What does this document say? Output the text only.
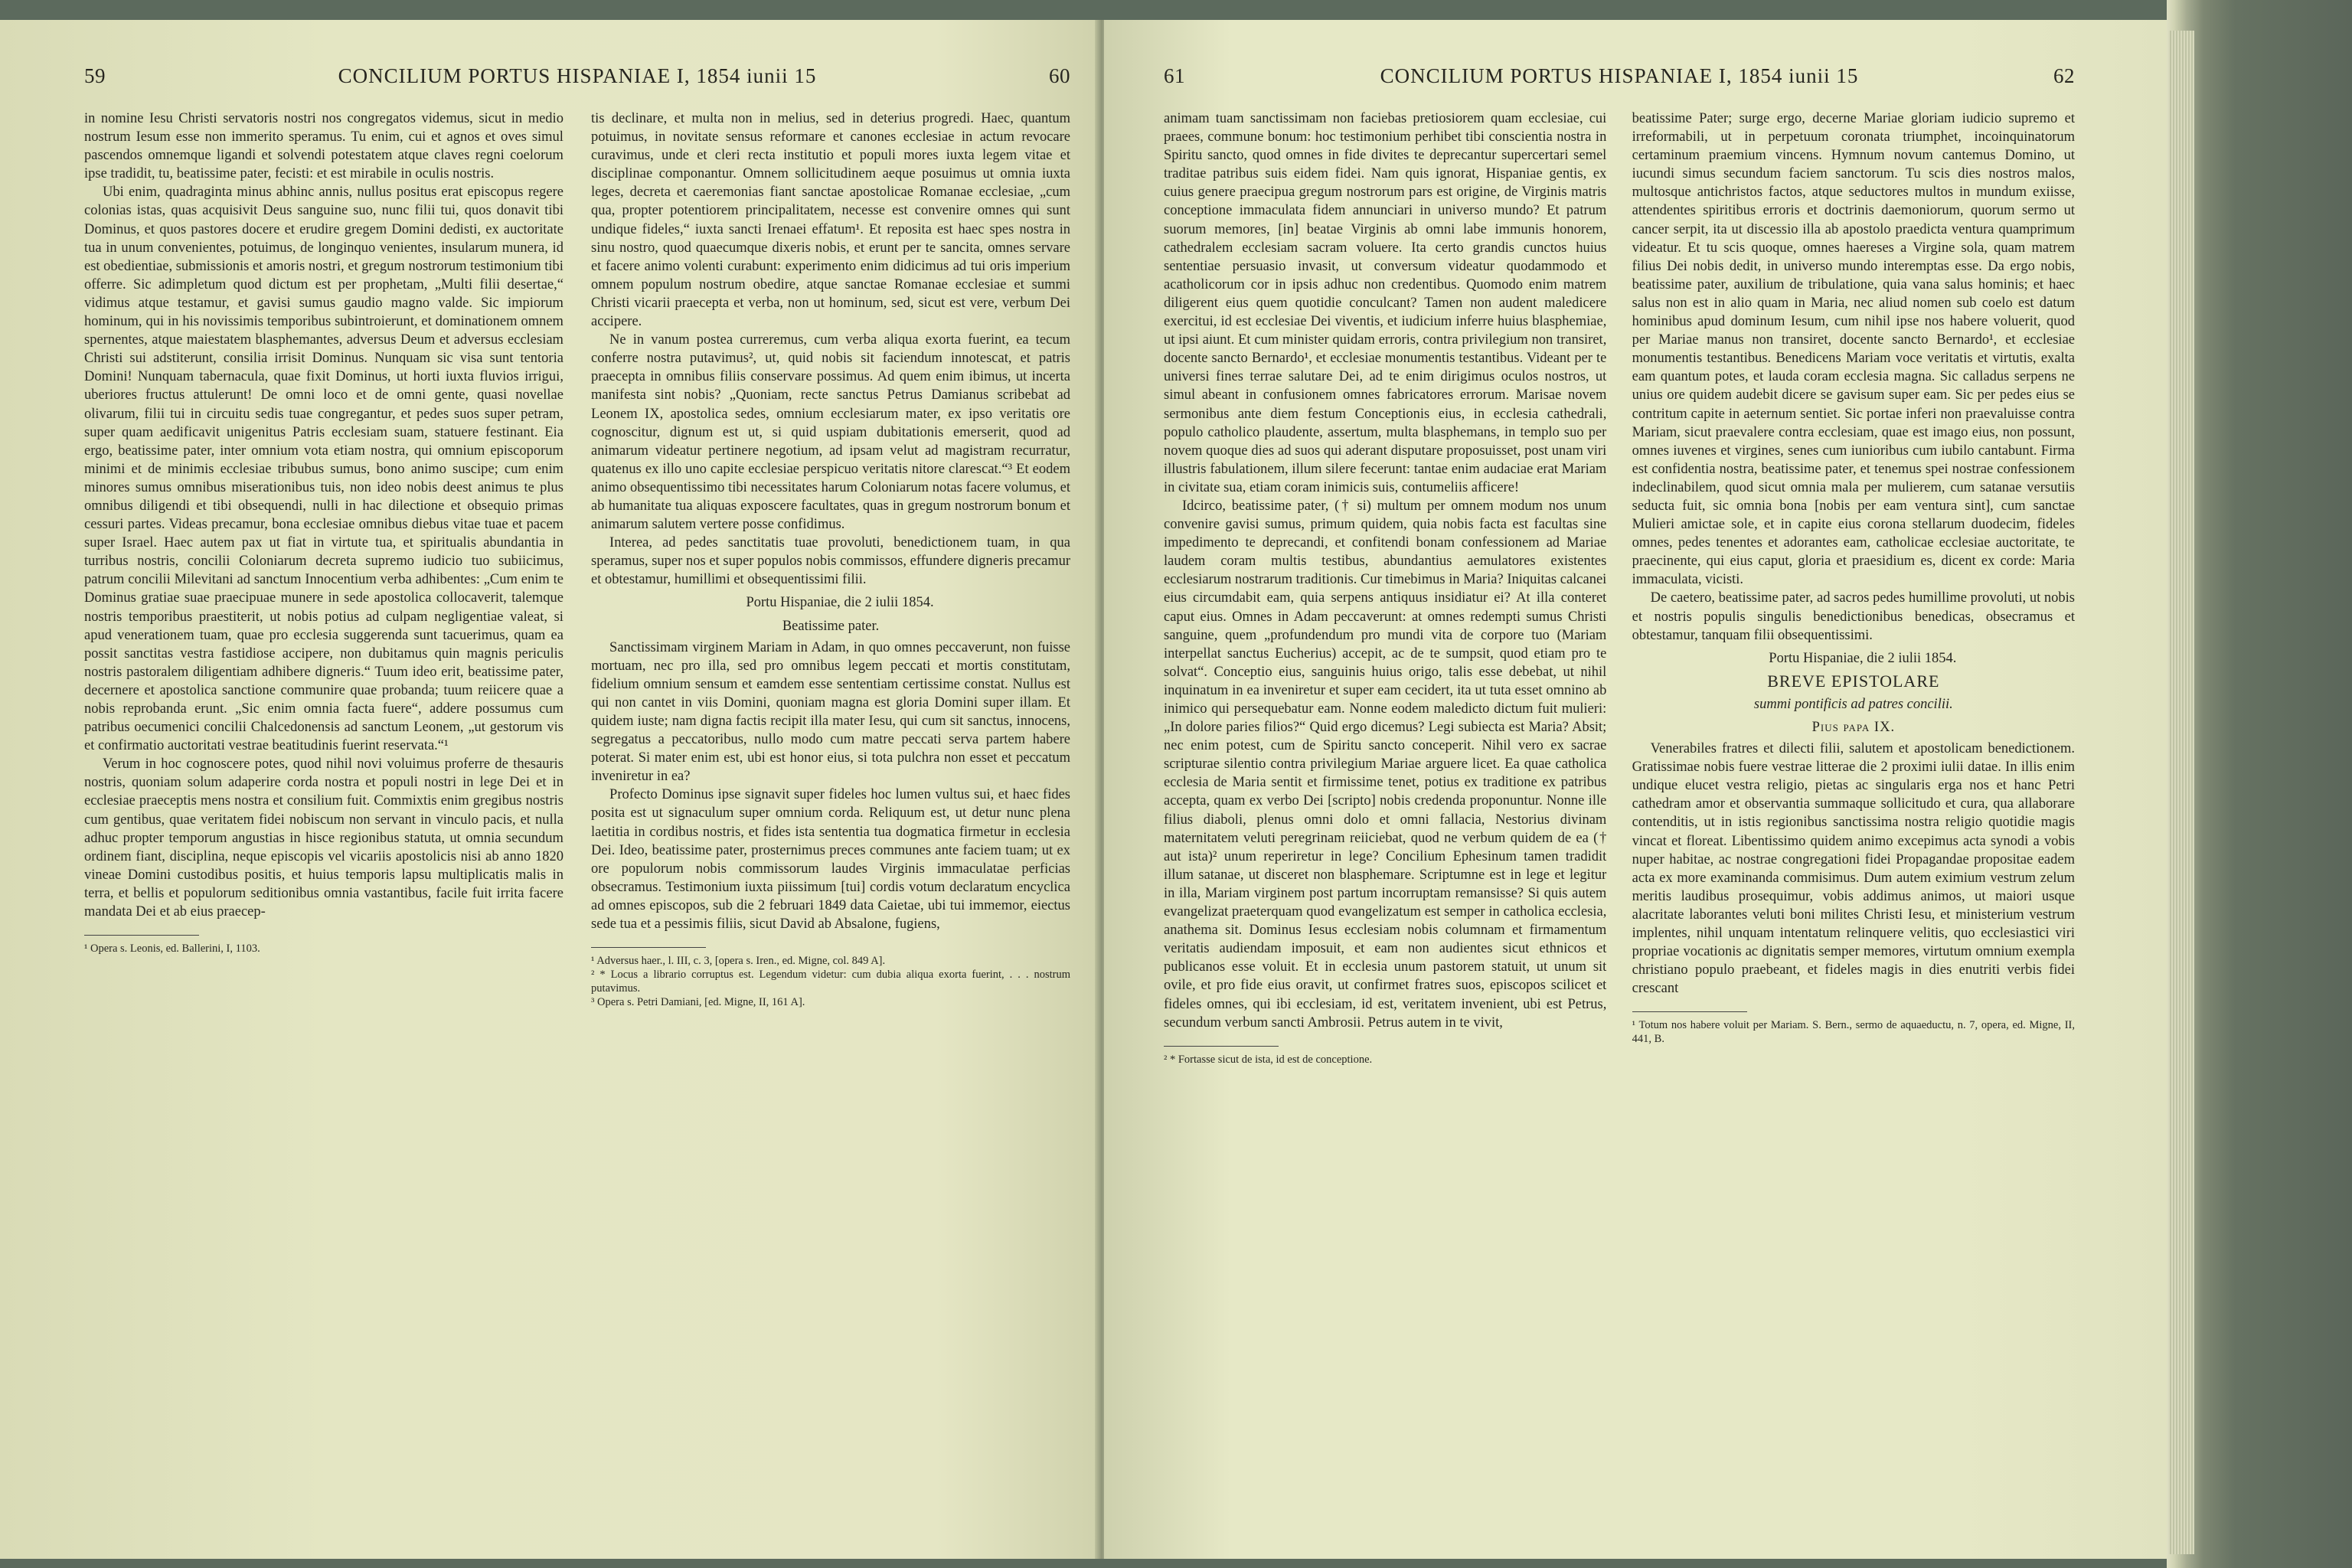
59	CONCILIUM PORTUS HISPANIAE I, 1854 iunii 15	60

in nomine Iesu Christi servatoris nostri nos congregatos videmus, sicut in medio nostrum Iesum esse non immerito speramus. Tu enim, cui et agnos et oves simul pascendos omnemque ligandi et solvendi potestatem atque claves regni coelorum ipse tradidit, tu, beatissime pater, fecisti: et est mirabile in oculis nostris.

Ubi enim, quadraginta minus abhinc annis, nullus positus erat episcopus regere colonias istas, quas acquisivit Deus sanguine suo, nunc filii tui, quos donavit tibi Dominus, et quos pastores docere et erudire gregem Domini dedisti, ex auctoritate tua in unum convenientes, potuimus, de longinquo venientes, insularum munera, id est obedientiae, submissionis et amoris nostri, et gregum nostrorum testimonium tibi offerre. Sic adimpletum quod dictum est per prophetam, „Multi filii desertae,“ vidimus atque testamur, et gavisi sumus gaudio magno valde. Sic impiorum hominum, qui in his novissimis temporibus subintroierunt, et dominationem omnem spernentes, atque maiestatem blasphemantes, adversus Deum et adversus ecclesiam Christi sui adstiterunt, consilia irrisit Dominus. Nunquam sic visa sunt tentoria Domini! Nunquam tabernacula, quae fixit Dominus, ut horti iuxta fluvios irrigui, uberiores fructus attulerunt! De omni loco et de omni gente, quasi novellae olivarum, filii tui in circuitu sedis tuae congregantur, et pedes suos super petram, super quam aedificavit unigenitus Patris ecclesiam suam, statuere festinant. Eia ergo, beatissime pater, inter omnium vota etiam nostra, qui omnium episcoporum minimi et de minimis ecclesiae tribubus sumus, bono animo suscipe; cum enim minores sumus omnibus miserationibus tuis, non ideo nobis deest animus te plus omnibus diligendi et tibi obsequendi, nulli in hac dilectione et obsequio primas cessuri partes. Videas precamur, bona ecclesiae omnibus diebus vitae tuae et pacem super Israel. Haec autem pax ut fiat in virtute tua, et spiritualis abundantia in turribus nostris, concilii Coloniarum decreta supremo iudicio tuo subiicimus, patrum concilii Milevitani ad sanctum Innocentium verba adhibentes: „Cum enim te Dominus gratiae suae praecipuae munere in sede apostolica collocaverit, talemque nostris temporibus praestiterit, ut nobis potius ad culpam negligentiae valeat, si apud venerationem tuam, quae pro ecclesia suggerenda sunt tacuerimus, quam ea possit sanctitas vestra fastidiose accipere, non dubitamus quin magnis periculis nostris pastoralem diligentiam adhibere digneris.“ Tuum ideo erit, beatissime pater, decernere et apostolica sanctione communire quae probanda; tuum reiicere quae a nobis reprobanda erunt. „Sic enim omnia facta fuere“, addere possumus cum patribus oecumenici concilii Chalcedonensis ad sanctum Leonem, „ut gestorum vis et confirmatio auctoritati vestrae beatitudinis fuerint reservata.“¹

Verum in hoc cognoscere potes, quod nihil novi voluimus proferre de thesauris nostris, quoniam solum adaperire corda nostra et populi nostri in lege Dei et in ecclesiae praeceptis mens nostra et consilium fuit. Commixtis enim gregibus nostris cum gentibus, quae veritatem fidei nobiscum non servant in vinculo pacis, et nulla adhuc propter temporum angustias in hisce regionibus statuta, ut omnia secundum ordinem fiant, disciplina, neque episcopis vel vicariis apostolicis nisi ab anno 1820 vineae Domini custodibus positis, et huius temporis lapsu multiplicatis malis in terra, et bellis et populorum seditionibus omnia vastantibus, facile fuit irrita facere mandata Dei et ab eius praecep-

¹ Opera s. Leonis, ed. Ballerini, I, 1103.

tis declinare, et multa non in melius, sed in deterius progredi. Haec, quantum potuimus, in novitate sensus reformare et canones ecclesiae in actum revocare curavimus, unde et cleri recta institutio et populi mores iuxta legem vitae et disciplinae componantur. Omnem sollicitudinem aeque posuimus ut omnia iuxta leges, decreta et caeremonias fiant sanctae apostolicae Romanae ecclesiae, „cum qua, propter potentiorem principalitatem, necesse est convenire omnes qui sunt undique fideles,“ iuxta sancti Irenaei effatum¹. Et reposita est haec spes nostra in sinu nostro, quod quaecumque dixeris nobis, et erunt per te sancita, omnes servare et facere animo volenti curabunt: experimento enim didicimus ad tui oris imperium omnem populum nostrum obedire, atque sanctae Romanae ecclesiae et summi Christi vicarii praecepta et verba, non ut hominum, sed, sicut est vere, verbum Dei accipere.

Ne in vanum postea curreremus, cum verba aliqua exorta fuerint, ea tecum conferre nostra putavimus², ut, quid nobis sit faciendum innotescat, et patris praecepta in omnibus filiis conservare possimus. Ad quem enim ibimus, ut incerta manifesta sint nobis? „Quoniam, recte sanctus Petrus Damianus scribebat ad Leonem IX, apostolica sedes, omnium ecclesiarum mater, ex ipso veritatis ore cognoscitur, dignum est ut, si quid uspiam dubitationis emerserit, quod ad animarum videatur pertinere negotium, ad ipsam velut ad magistram recurratur, quatenus ex illo uno capite ecclesiae perspicuo veritatis nitore clarescat.“³ Et eodem animo obsequentissimo tibi necessitates harum Coloniarum notas facere volumus, et ab humanitate tua aliquas exposcere facultates, quas in gregum nostrorum bonum et animarum salutem vertere posse confidimus.

Interea, ad pedes sanctitatis tuae provoluti, benedictionem tuam, in qua speramus, super nos et super populos nobis commissos, effundere digneris precamur et obtestamur, humillimi et obsequentissimi filii.

Portu Hispaniae, die 2 iulii 1854.
Beatissime pater.

Sanctissimam virginem Mariam in Adam, in quo omnes peccaverunt, non fuisse mortuam, nec pro illa, sed pro omnibus legem peccati et mortis constitutam, fidelium omnium sensum et eamdem esse sententiam certissime constat. Nullus est qui non cantet in viis Domini, quoniam magna est gloria Domini super illam. Et quidem iuste; nam digna factis recipit illa mater Iesu, qui cum sit sanctus, innocens, segregatus a peccatoribus, nullo modo cum matre peccati serva partem habere poterat. Si mater enim est, ubi est honor eius, si tota pulchra non esset et peccatum inveniretur in ea?

Profecto Dominus ipse signavit super fideles hoc lumen vultus sui, et haec fides posita est ut signaculum super omnium corda. Reliquum est, ut detur nunc plena laetitia in cordibus nostris, et fides ista sententia tua dogmatica firmetur in ecclesia Dei. Ideo, beatissime pater, prosternimus preces communes ante faciem tuam; ut ex ore populorum nobis commissorum laudes Virginis immaculatae perficias obsecramus. Testimonium iuxta piissimum [tui] cordis votum declaratum encyclica ad omnes episcopos, sub die 2 februari 1849 data Caietae, ubi tui immemor, eiectus sede tua et a pessimis filiis, sicut David ab Absalone, fugiens,

¹ Adversus haer., l. III, c. 3, [opera s. Iren., ed. Migne, col. 849 A].
² * Locus a librario corruptus est. Legendum videtur: cum dubia aliqua exorta fuerint, . . . nostrum putavimus.
³ Opera s. Petri Damiani, [ed. Migne, II, 161 A].
61	CONCILIUM PORTUS HISPANIAE I, 1854 iunii 15	62

animam tuam sanctissimam non faciebas pretiosiorem quam ecclesiae, cui praees, commune bonum: hoc testimonium perhibet tibi conscientia nostra in Spiritu sancto, quod omnes in fide divites te deprecantur supercertari semel traditae patribus suis eidem fidei. Nam quis ignorat, Hispaniae gentis, ex cuius genere praecipua gregum nostrorum pars est origine, de Virginis matris conceptione immaculata fidem annunciari in universo mundo? Et patrum suorum memores, [in] beatae Virginis ab omni labe immunis honorem, cathedralem ecclesiam sacram voluere. Ita certo grandis cunctos huius sententiae persuasio invasit, ut conversum videatur quodammodo et acatholicorum cor in ipsis adhuc non credentibus. Quomodo enim matrem diligerent eius quem quotidie conculcant? Tamen non audent maledicere exercitui, id est ecclesiae Dei viventis, et iudicium inferre huius blasphemiae, ut ipsi aiunt. Et cum minister quidam erroris, contra privilegium non transiret, docente sancto Bernardo¹, et ecclesiae monumentis testantibus. Videant per te universi fines terrae salutare Dei, ad te enim dirigimus oculos nostros, ut simul abeant in confusionem omnes fabricatores errorum. Marisae novem sermonibus ante diem festum Conceptionis eius, in ecclesia cathedrali, populo catholico plaudente, assertum, multa blasphemans, in templo suo per novem quoque dies ad suos qui aderant disputare proposuisset, post unam viri illustris fabulationem, illum silere fecerunt: tantae enim audaciae erat Mariam in civitate sua, etiam coram inimicis suis, contumeliis afficere!

Idcirco, beatissime pater, († si) multum per omnem modum nos unum convenire gavisi sumus, primum quidem, quia nobis facta est facultas sine impedimento te deprecandi, et confitendi bonam confessionem ad Mariae laudem coram multis testibus, abundantius aemulatores existentes ecclesiarum nostrarum traditionis. Cur timebimus in Maria? Iniquitas calcanei eius circumdabit eam, quia serpens antiquus insidiatur ei? At illa conteret caput eius. Omnes in Adam peccaverunt: at omnes redempti sumus Christi sanguine, quem „profundendum pro mundi vita de corpore tuo (Mariam interpellat sanctus Eucherius) accepit, ac de te sumpsit, quod etiam pro te solvat“. Conceptio eius, sanguinis huius origo, talis esse debebat, ut nihil inquinatum in ea inveniretur et super eam cecidert, ita ut tuta esset omnino ab inimico qui persequebatur eam. Nonne eodem maledicto dictum fuit mulieri: „In dolore paries filios?“ Quid ergo dicemus? Legi subiecta est Maria? Absit; nec enim potest, cum de Spiritu sancto conceperit. Nihil vero ex sacrae scripturae silentio contra privilegium Mariae arguere licet. Ea quae catholica ecclesia de Maria sentit et firmissime tenet, potius ex traditione ex patribus accepta, quam ex verbo Dei [scripto] nobis credenda proponuntur. Nonne ille filius diaboli, plenus omni dolo et omni fallacia, Nestorius divinam maternitatem veluti peregrinam reiiciebat, quod ne verbum quidem de ea († aut ista)² unum reperiretur in lege? Concilium Ephesinum tamen tradidit illum satanae, ut disceret non blasphemare. Scriptumne est in lege et legitur in illa, Mariam virginem post partum incorruptam remansisse? Si quis autem evangelizat praeterquam quod evangelizatum est semper in catholica ecclesia, anathema sit. Dominus Iesus ecclesiam nobis columnam et firmamentum veritatis audiendam imposuit, et eam non audientes sicut ethnicos et publicanos esse voluit. Et in ecclesia unum pastorem statuit, ut unum sit ovile, et pro fide eius oravit, ut confirmet fratres suos, episcopos scilicet et fideles omnes, qui ibi ecclesiam, id est, veritatem invenient, ubi est Petrus, secundum verbum sancti Ambrosii. Petrus autem in te vivit,

² * Fortasse sicut de ista, id est de conceptione.

beatissime Pater; surge ergo, decerne Mariae gloriam iudicio supremo et irreformabili, ut in perpetuum coronata triumphet, incoinquinatorum certaminum praemium vincens. Hymnum novum cantemus Domino, ut iucundi simus secundum faciem sanctorum. Tu scis dies nostros malos, multosque antichristos factos, atque seductores multos in mundum exiisse, attendentes spiritibus erroris et doctrinis daemoniorum, quorum sermo ut cancer serpit, ita ut discessio illa ab apostolo praedicta ventura quamprimum videatur. Et tu scis quoque, omnes haereses a Virgine sola, quam matrem filius Dei nobis dedit, in universo mundo interemptas esse. Da ergo nobis, beatissime pater, auxilium de tribulatione, quia vana salus hominis; et haec salus non est in alio quam in Maria, nec aliud nomen sub coelo est datum hominibus apud dominum Iesum, cum nihil ipse nos habere voluerit, quod per Mariae manus non transiret, docente sancto Bernardo¹, et ecclesiae monumentis testantibus. Benedicens Mariam voce veritatis et virtutis, exalta eam quantum potes, et lauda coram ecclesia magna. Sic calladus serpens ne unius ore quidem audebit dicere se gavisum super eam. Sic per pedes eius se contritum capite in aeternum sentiet. Sic portae inferi non praevaluisse contra Mariam, sicut praevalere contra ecclesiam, quae est imago eius, non possunt, omnes iuvenes et virgines, senes cum iunioribus cum iubilo cantabunt. Firma est confidentia nostra, beatissime pater, et tenemus spei nostrae confessionem indeclinabilem, quod sicut omnia mala per mulierem, cum satanae versutiis seducta fuit, sic omnia bona [nobis per eam ventura sint], cum sanctae Mulieri amictae sole, et in capite eius corona stellarum duodecim, fideles omnes, pedes tenentes et adorantes eam, catholicae ecclesiae auctoritate, te praecinente, qui eius caput, gloria et praesidium es, dicent ex corde: Maria immaculata, vicisti.

De caetero, beatissime pater, ad sacros pedes humillime provoluti, ut nobis et nostris populis singulis benedictionibus benedicas, obsecramus et obtestamur, tanquam filii obsequentissimi.

Portu Hispaniae, die 2 iulii 1854.
BREVE EPISTOLARE
summi pontificis ad patres concilii.
Pius papa IX.

Venerabiles fratres et dilecti filii, salutem et apostolicam benedictionem. Gratissimae nobis fuere vestrae litterae die 2 proximi iulii datae. In illis enim undique elucet vestra religio, pietas ac singularis erga nos et hanc Petri cathedram amor et observantia summaque sollicitudo et cura, qua allaborare contenditis, ut in istis regionibus sanctissima nostra religio quotidie magis vincat et floreat. Libentissimo quidem animo excepimus acta synodi a vobis nuper habitae, ac nostrae congregationi fidei Propagandae propositae eadem acta ex more examinanda commisimus. Dum autem eximium vestrum zelum meritis laudibus prosequimur, vobis addimus animos, ut maiori usque alacritate laborantes veluti boni milites Christi Iesu, et ministerium vestrum implentes, nihil unquam intentatum relinquere velitis, quo ecclesiastici viri propriae vocationis ac dignitatis semper memores, virtutum omnium exempla christiano populo praebeant, et fideles magis in dies enutriti verbis fidei crescant

¹ Totum nos habere voluit per Mariam. S. Bern., sermo de aquaeductu, n. 7, opera, ed. Migne, II, 441, B.
